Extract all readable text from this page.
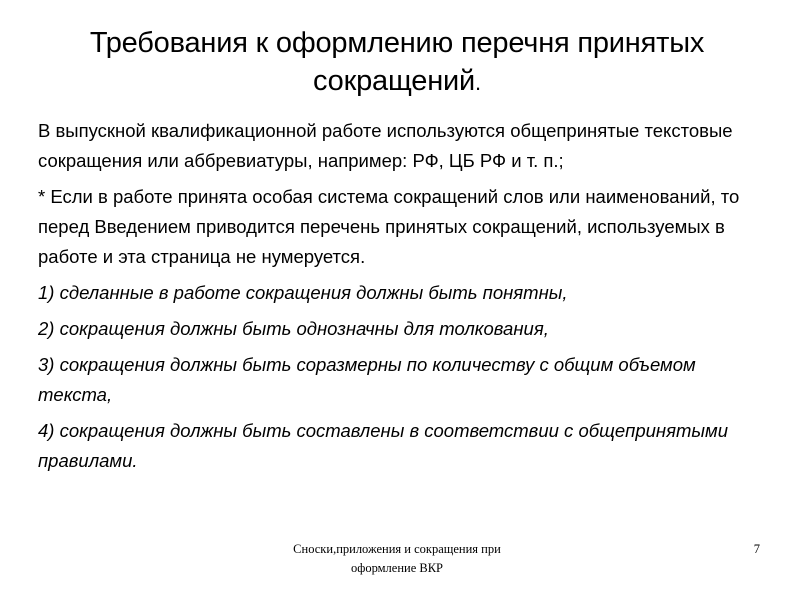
Требования к оформлению перечня принятых
сокращений.

В выпускной квалификационной работе используются общепринятые текстовые сокращения или аббревиатуры, например: РФ, ЦБ РФ и т. п.;

* Если в работе принята особая система сокращений слов или наименований, то перед Введением приводится перечень принятых сокращений, используемых в работе и эта страница не нумеруется.

1) сделанные в работе сокращения должны быть понятны,

2) сокращения должны быть однозначны для толкования,

3) сокращения должны быть соразмерны по количеству с общим объемом текста,

4) сокращения должны быть составлены в соответствии с общепринятыми правилами.

Сноски,приложения и сокращения при
оформление ВКР
7
